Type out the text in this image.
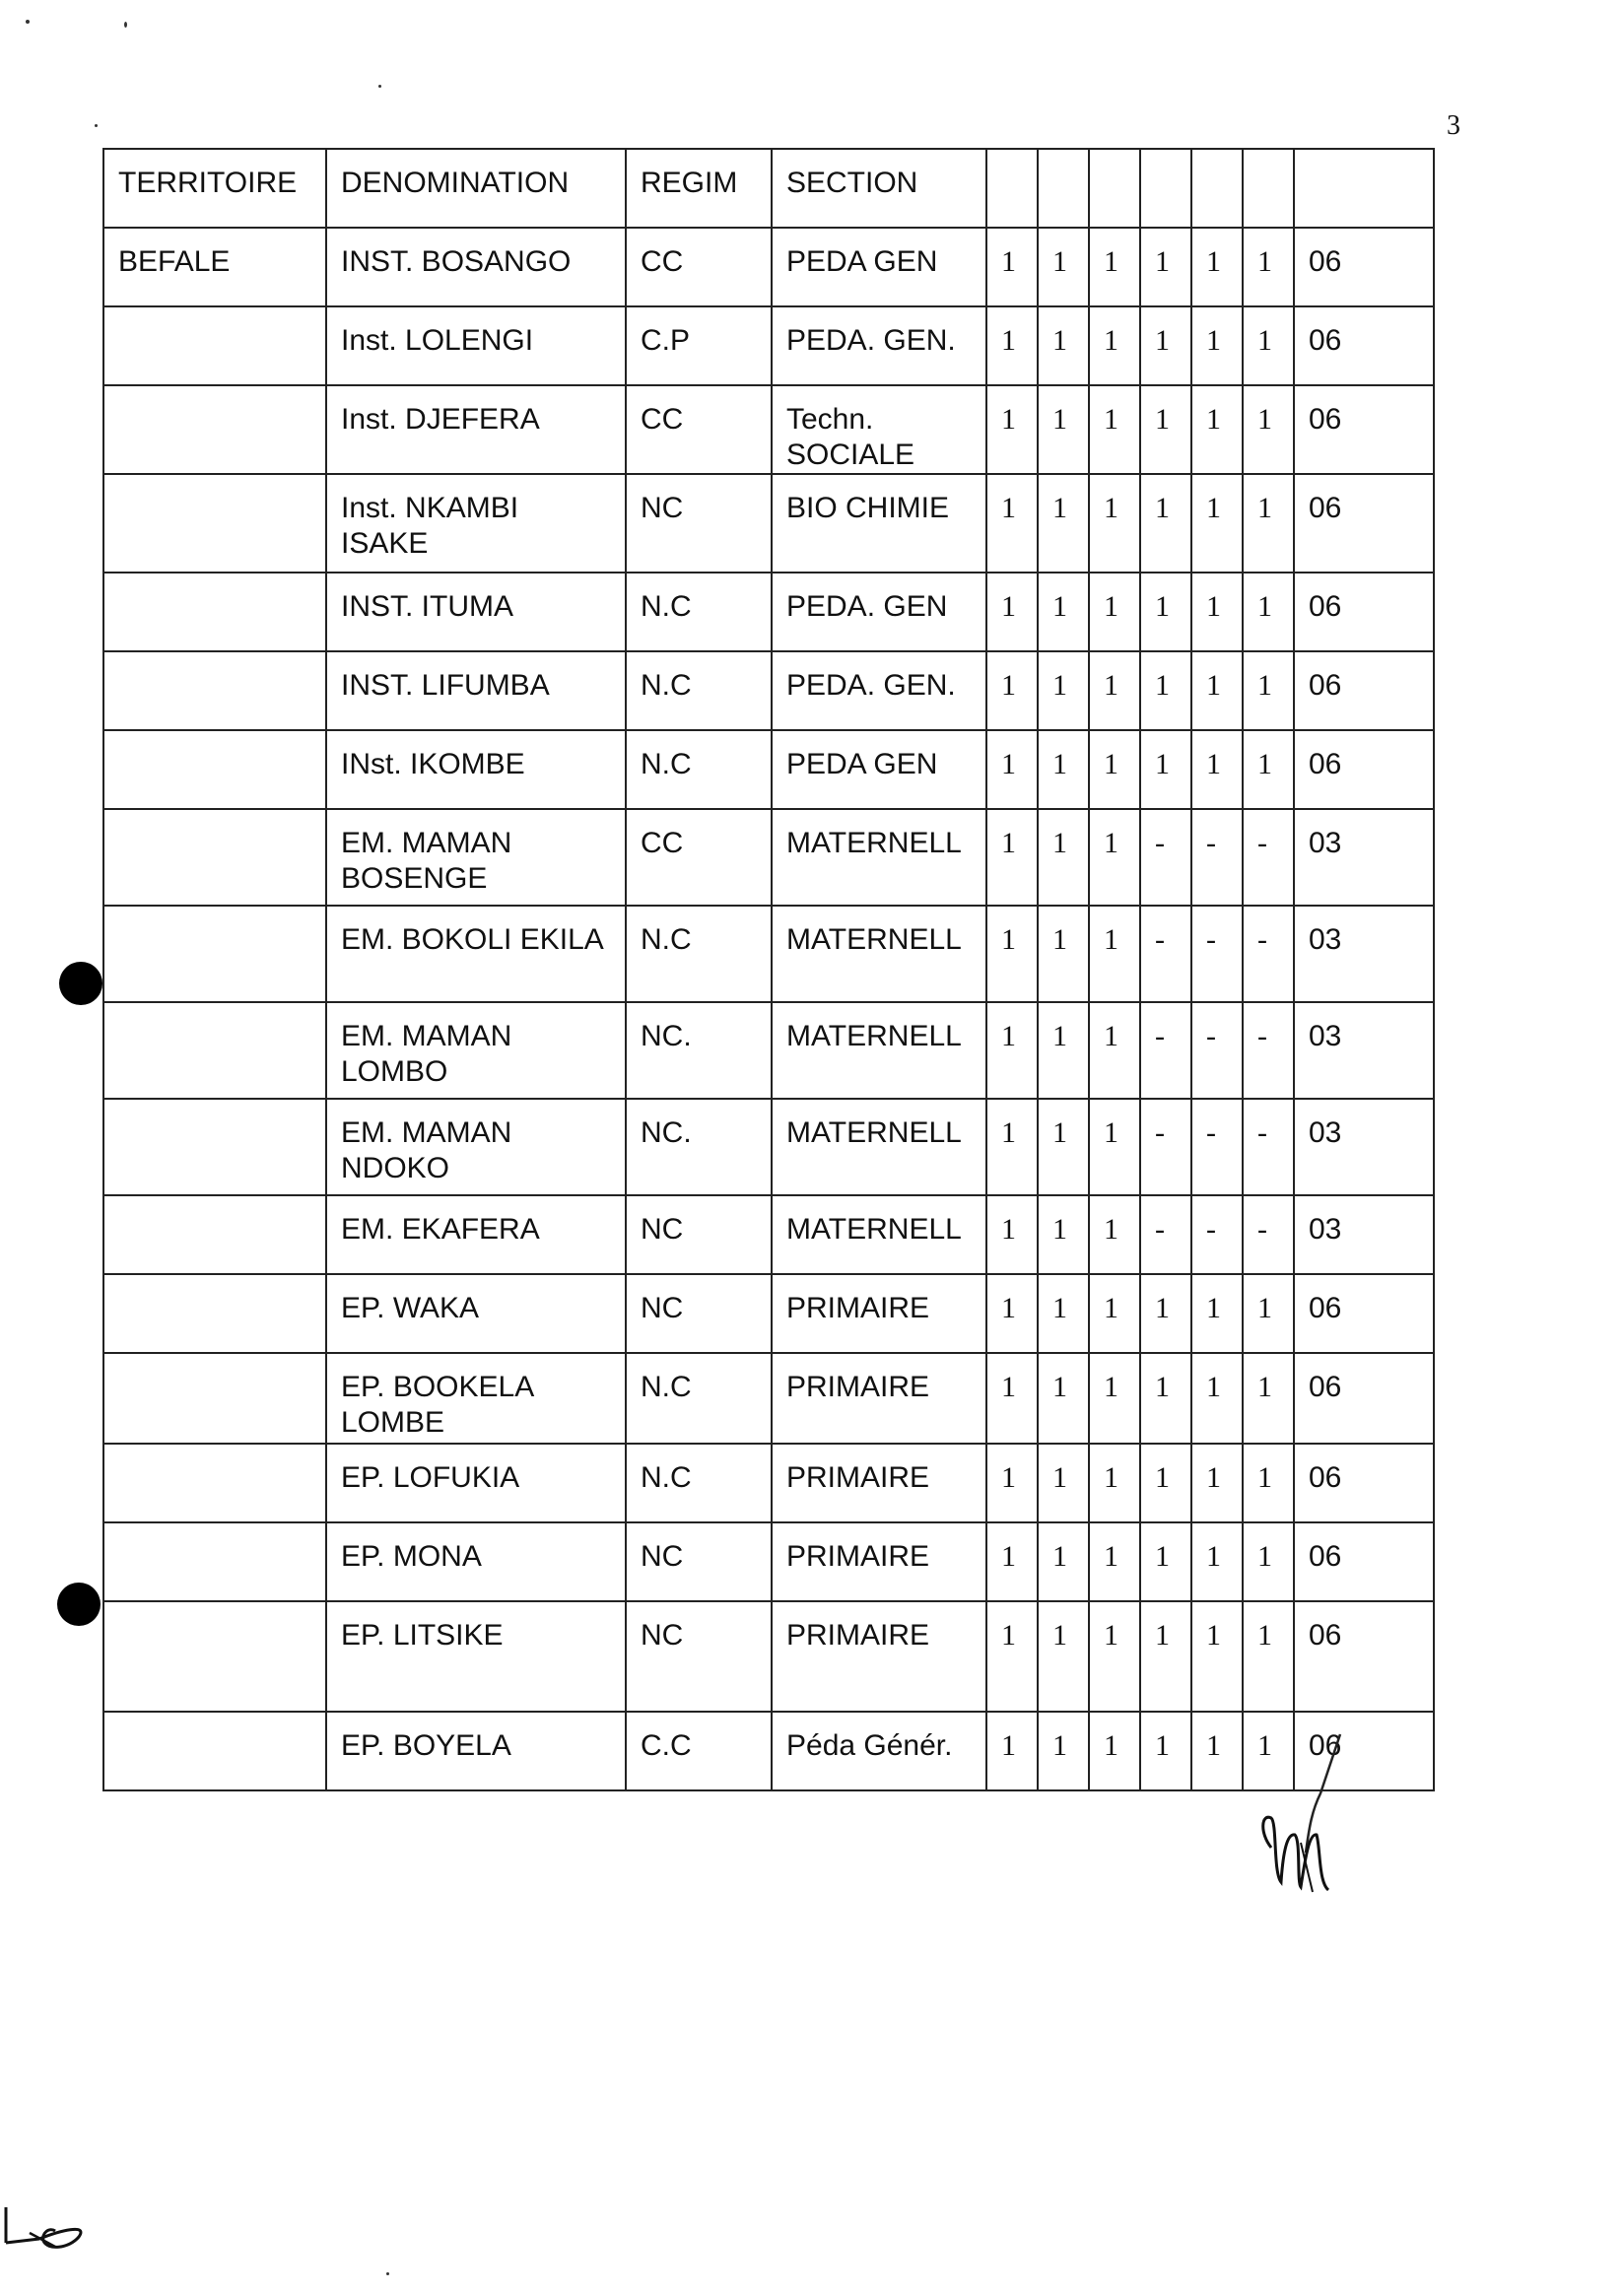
3
TERRITOIRE	DENOMINATION	REGIM	SECTION							
BEFALE	INST. BOSANGO	CC	PEDA GEN	1	1	1	1	1	1	06
	Inst. LOLENGI	C.P	PEDA. GEN.	1	1	1	1	1	1	06
	Inst. DJEFERA	CC	Techn. SOCIALE	1	1	1	1	1	1	06
	Inst. NKAMBI ISAKE	NC	BIO CHIMIE	1	1	1	1	1	1	06
	INST. ITUMA	N.C	PEDA. GEN	1	1	1	1	1	1	06
	INST. LIFUMBA	N.C	PEDA. GEN.	1	1	1	1	1	1	06
	INst. IKOMBE	N.C	PEDA GEN	1	1	1	1	1	1	06
	EM. MAMAN BOSENGE	CC	MATERNELL	1	1	1	-	-	-	03
	EM. BOKOLI EKILA	N.C	MATERNELL	1	1	1	-	-	-	03
	EM. MAMAN LOMBO	NC.	MATERNELL	1	1	1	-	-	-	03
	EM. MAMAN NDOKO	NC.	MATERNELL	1	1	1	-	-	-	03
	EM. EKAFERA	NC	MATERNELL	1	1	1	-	-	-	03
	EP. WAKA	NC	PRIMAIRE	1	1	1	1	1	1	06
	EP. BOOKELA LOMBE	N.C	PRIMAIRE	1	1	1	1	1	1	06
	EP. LOFUKIA	N.C	PRIMAIRE	1	1	1	1	1	1	06
	EP. MONA	NC	PRIMAIRE	1	1	1	1	1	1	06
	EP. LITSIKE	NC	PRIMAIRE	1	1	1	1	1	1	06
	EP. BOYELA	C.C	Péda Génér.	1	1	1	1	1	1	06
